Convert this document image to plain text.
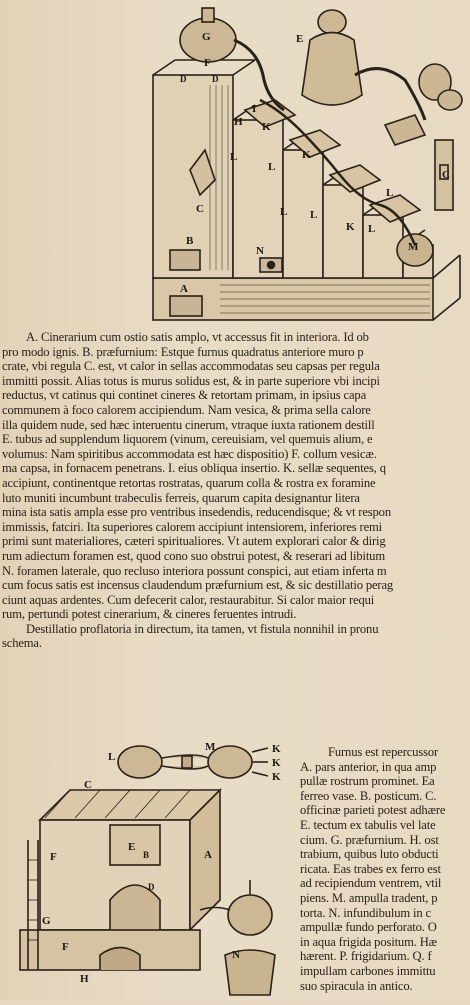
G	E
F
D	D
H K
K
L
L
L L
K L
L
C
B
N
A
M
I
C
A. Cinerarium cum ostio satis amplo, vt accessus fit in interiora. Id ob
pro modo ignis. B. præfurnium: Estque furnus quadratus anteriore muro p
crate, vbi regula C. est, vt calor in sellas accommodatas seu capsas per regula
immitti possit. Alias totus is murus solidus est, & in parte superiore vbi incipi
reductus, vt catinus qui continet cineres & retortam primam, in ipsius capa
communem à foco calorem accipiendum. Nam vesica, & prima sella calore
illa quidem nude, sed hæc interuentu cinerum, vtraque iuxta rationem destill
E. tubus ad supplendum liquorem (vinum, cereuisiam, vel quemuis alium, e
volumus: Nam spiritibus accommodata est hæc dispositio) F. collum vesicæ.
ma capsa, in fornacem penetrans. I. eius obliqua insertio. K. sellæ sequentes, q
accipiunt, continentque retortas rostratas, quarum colla & rostra ex foramine
luto muniti incumbunt trabeculis ferreis, quarum capita designantur litera
mina ista satis ampla esse pro ventribus insedendis, reducendisque; & vt respon
immissis, fatciri. Ita superiores calorem accipiunt intensiorem, inferiores remi
primi sunt materialiores, cæteri spiritualiores. Vt autem explorari calor & dirig
rum adiectum foramen est, quod cono suo obstrui potest, & reserari ad libitum
N. foramen laterale, quo recluso interiora possunt conspici, aut etiam inferta m
cum focus satis est incensus claudendum præfurnium est, & sic destillatio perag
ciunt aquas ardentes. Cum defecerit calor, restaurabitur. Si calor maior requi
rum, pertundi potest cinerarium, & cineres feruentes intrudi.
Destillatio proflatoria in directum, ita tamen, vt fistula nonnihil in pronu
schema.
L
M	K
K
K
C
E
A
F	B
D
F
G
N
H
Furnus est repercussor
A. pars anterior, in qua amp
pullæ rostrum prominet. Ea
ferreo vase. B. posticum. C.
officinæ parieti potest adhære
E. tectum ex tabulis vel late
cium. G. præfurnium. H. ost
trabium, quibus luto obducti
ricata. Eas trabes ex ferro est
ad recipiendum ventrem, vtil
piens. M. ampulla tradent, p
torta. N. infundibulum in c
ampullæ fundo perforato. O
in aqua frigida positum. Hæ
hærent. P. frigidarium. Q. f
impullam carbones immittu
suo spiracula in antico.
